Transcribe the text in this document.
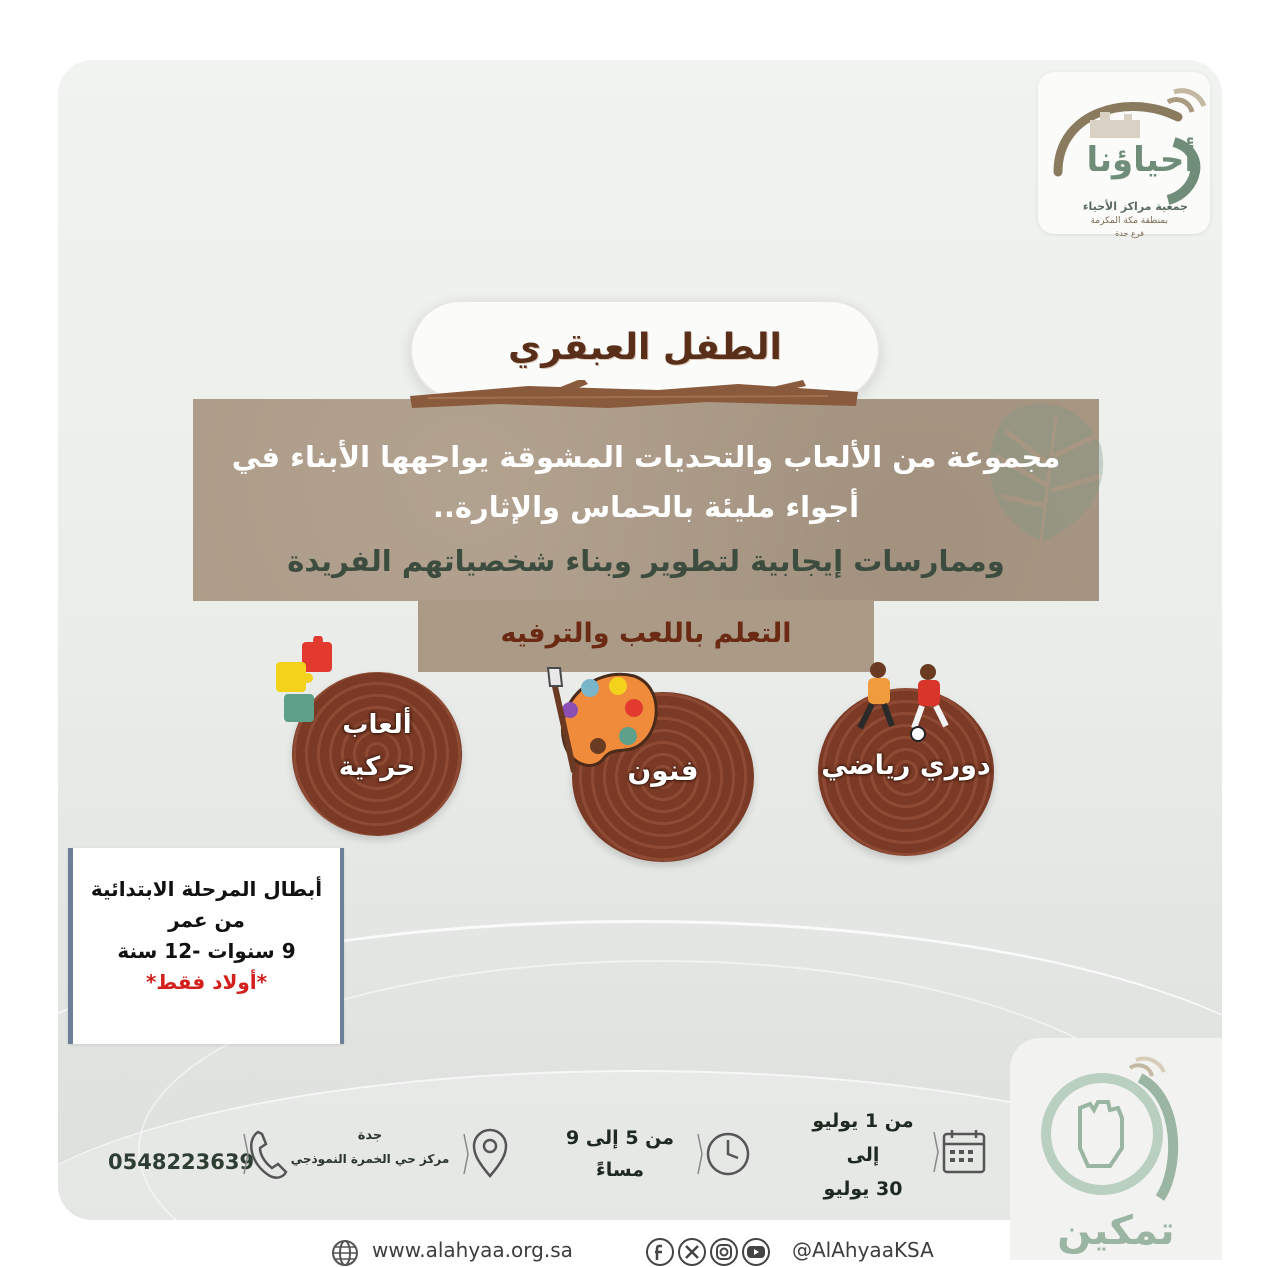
أحياؤنا
جمعية مراكز الأحياء
بمنطقة مكة المكرمة
فرع جدة
الطفل العبقري
مجموعة من الألعاب والتحديات المشوقة يواجهها الأبناء في
أجواء مليئة بالحماس والإثارة..
وممارسات إيجابية لتطوير وبناء شخصياتهم الفريدة
التعلم باللعب والترفيه
ألعاب
حركية	فنون	دوري رياضي
أبطال المرحلة الابتدائية
من عمر
9 سنوات -12 سنة
*أولاد فقط*
0548223639
جدة
مركز حي الخمرة النموذجي
من 5 إلى 9
مساءً
من 1 يوليو
إلى
30 يوليو
تمكين
www.alahyaa.org.sa	@AlAhyaaKSA
